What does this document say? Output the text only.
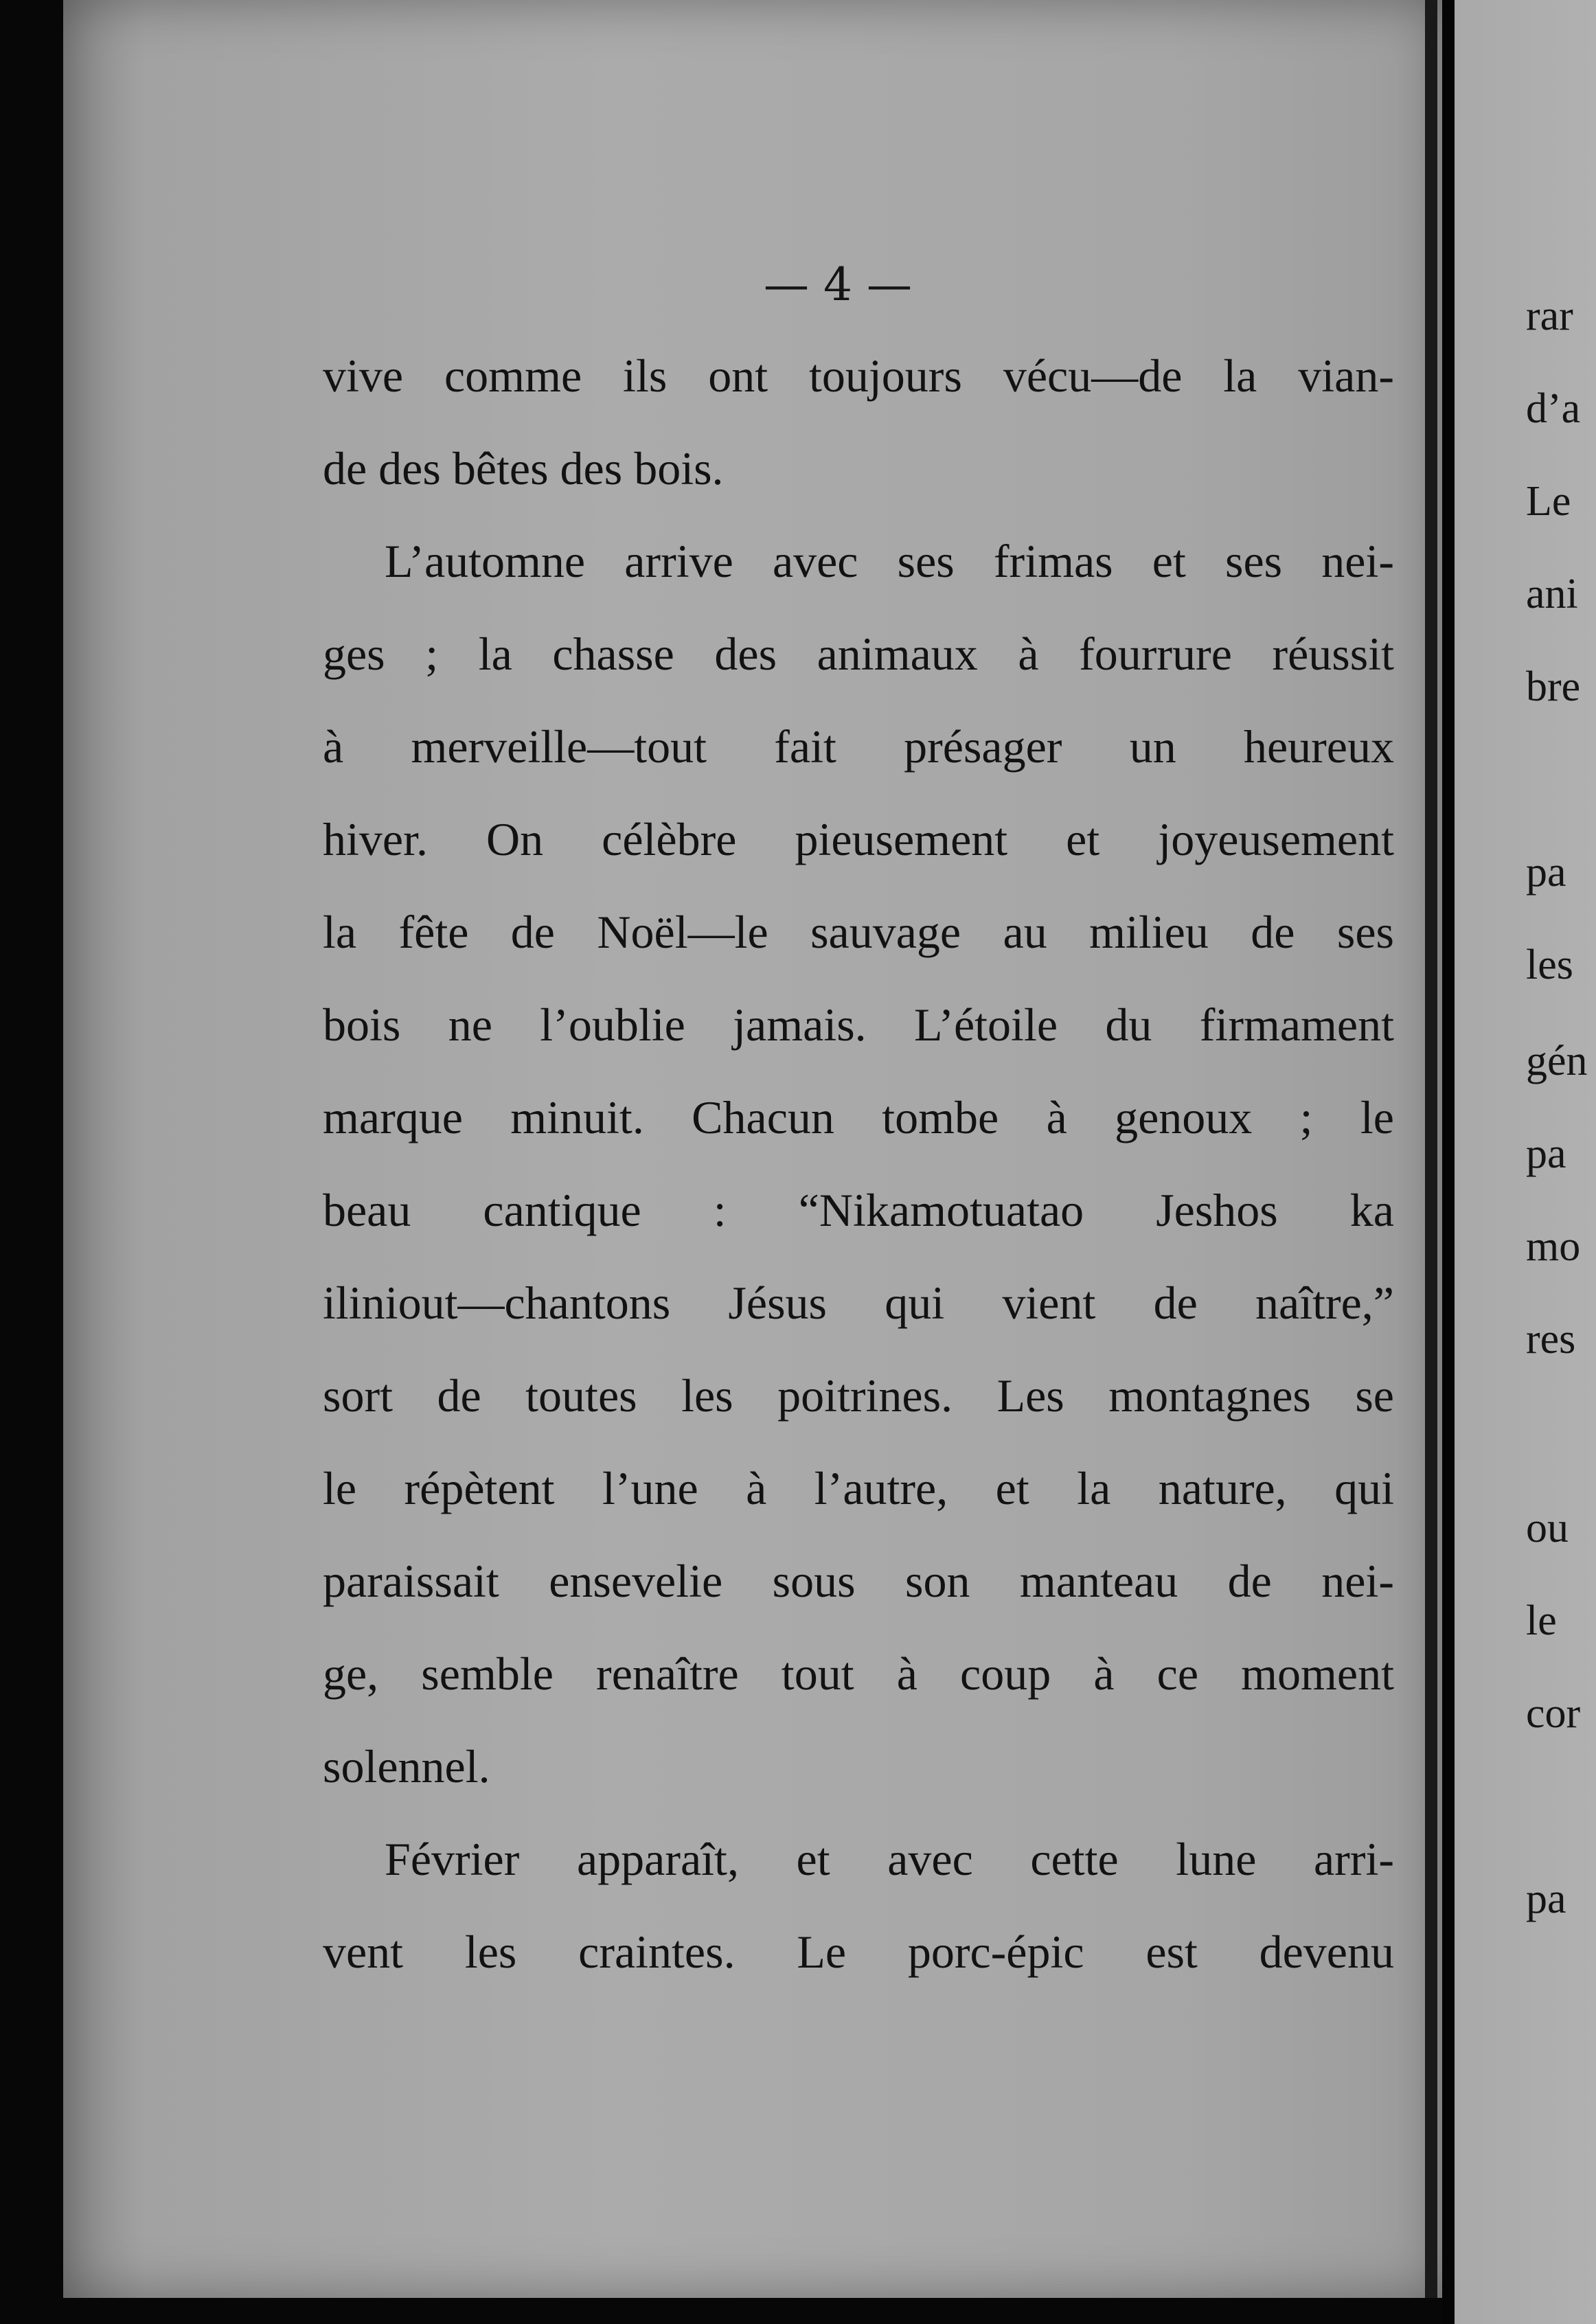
— 4 —
vive comme ils ont toujours vécu—de la vian-
de des bêtes des bois.
L’automne arrive avec ses frimas et ses nei-
ges ; la chasse des animaux à fourrure réussit
à merveille—tout fait présager un heureux
hiver. On célèbre pieusement et joyeusement
la fête de Noël—le sauvage au milieu de ses
bois ne l’oublie jamais. L’étoile du firmament
marque minuit. Chacun tombe à genoux ; le
beau cantique : “Nikamotuatao Jeshos ka
iliniout—chantons Jésus qui vient de naître,”
sort de toutes les poitrines. Les montagnes se
le répètent l’une à l’autre, et la nature, qui
paraissait ensevelie sous son manteau de nei-
ge, semble renaître tout à coup à ce moment
solennel.
Février apparaît, et avec cette lune arri-
vent les craintes. Le porc-épic est devenu
rar
d’a
Le
ani
bre
pa
les
gén
pa
mo
res
ou
le
cor
pa
